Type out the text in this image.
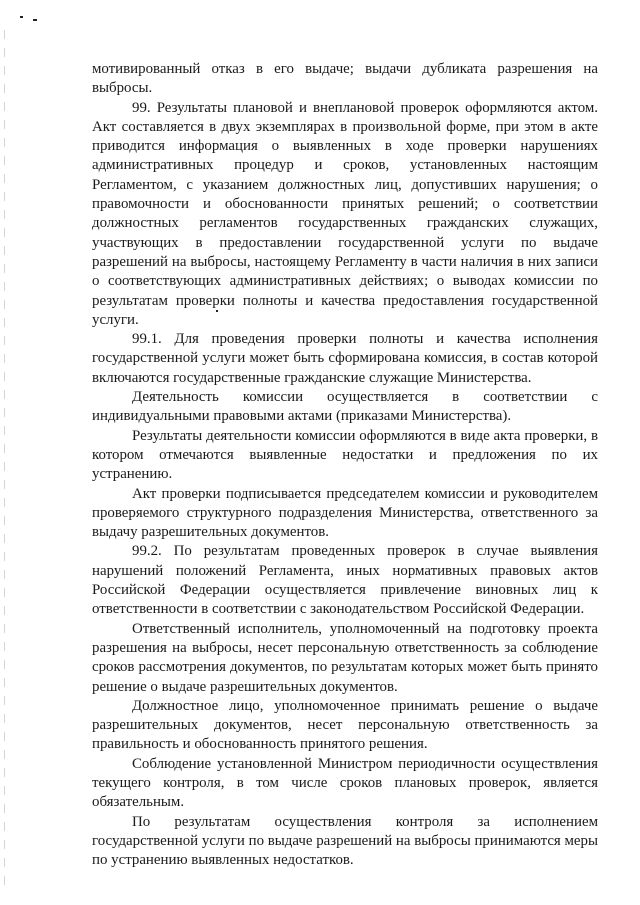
мотивированный отказ в его выдаче; выдачи дубликата разрешения на выбросы.

99. Результаты плановой и внеплановой проверок оформляются актом. Акт составляется в двух экземплярах в произвольной форме, при этом в акте приводится информация о выявленных в ходе проверки нарушениях административных процедур и сроков, установленных настоящим Регламентом, с указанием должностных лиц, допустивших нарушения; о правомочности и обоснованности принятых решений; о соответствии должностных регламентов государственных гражданских служащих, участвующих в предоставлении государственной услуги по выдаче разрешений на выбросы, настоящему Регламенту в части наличия в них записи о соответствующих административных действиях; о выводах комиссии по результатам проверки полноты и качества предоставления государственной услуги.

99.1. Для проведения проверки полноты и качества исполнения государственной услуги может быть сформирована комиссия, в состав которой включаются государственные гражданские служащие Министерства.

Деятельность комиссии осуществляется в соответствии с индивидуальными правовыми актами (приказами Министерства).

Результаты деятельности комиссии оформляются в виде акта проверки, в котором отмечаются выявленные недостатки и предложения по их устранению.

Акт проверки подписывается председателем комиссии и руководителем проверяемого структурного подразделения Министерства, ответственного за выдачу разрешительных документов.

99.2. По результатам проведенных проверок в случае выявления нарушений положений Регламента, иных нормативных правовых актов Российской Федерации осуществляется привлечение виновных лиц к ответственности в соответствии с законодательством Российской Федерации.

Ответственный исполнитель, уполномоченный на подготовку проекта разрешения на выбросы, несет персональную ответственность за соблюдение сроков рассмотрения документов, по результатам которых может быть принято решение о выдаче разрешительных документов.

Должностное лицо, уполномоченное принимать решение о выдаче разрешительных документов, несет персональную ответственность за правильность и обоснованность принятого решения.

Соблюдение установленной Министром периодичности осуществления текущего контроля, в том числе сроков плановых проверок, является обязательным.

По результатам осуществления контроля за исполнением государственной услуги по выдаче разрешений на выбросы принимаются меры по устранению выявленных недостатков.
